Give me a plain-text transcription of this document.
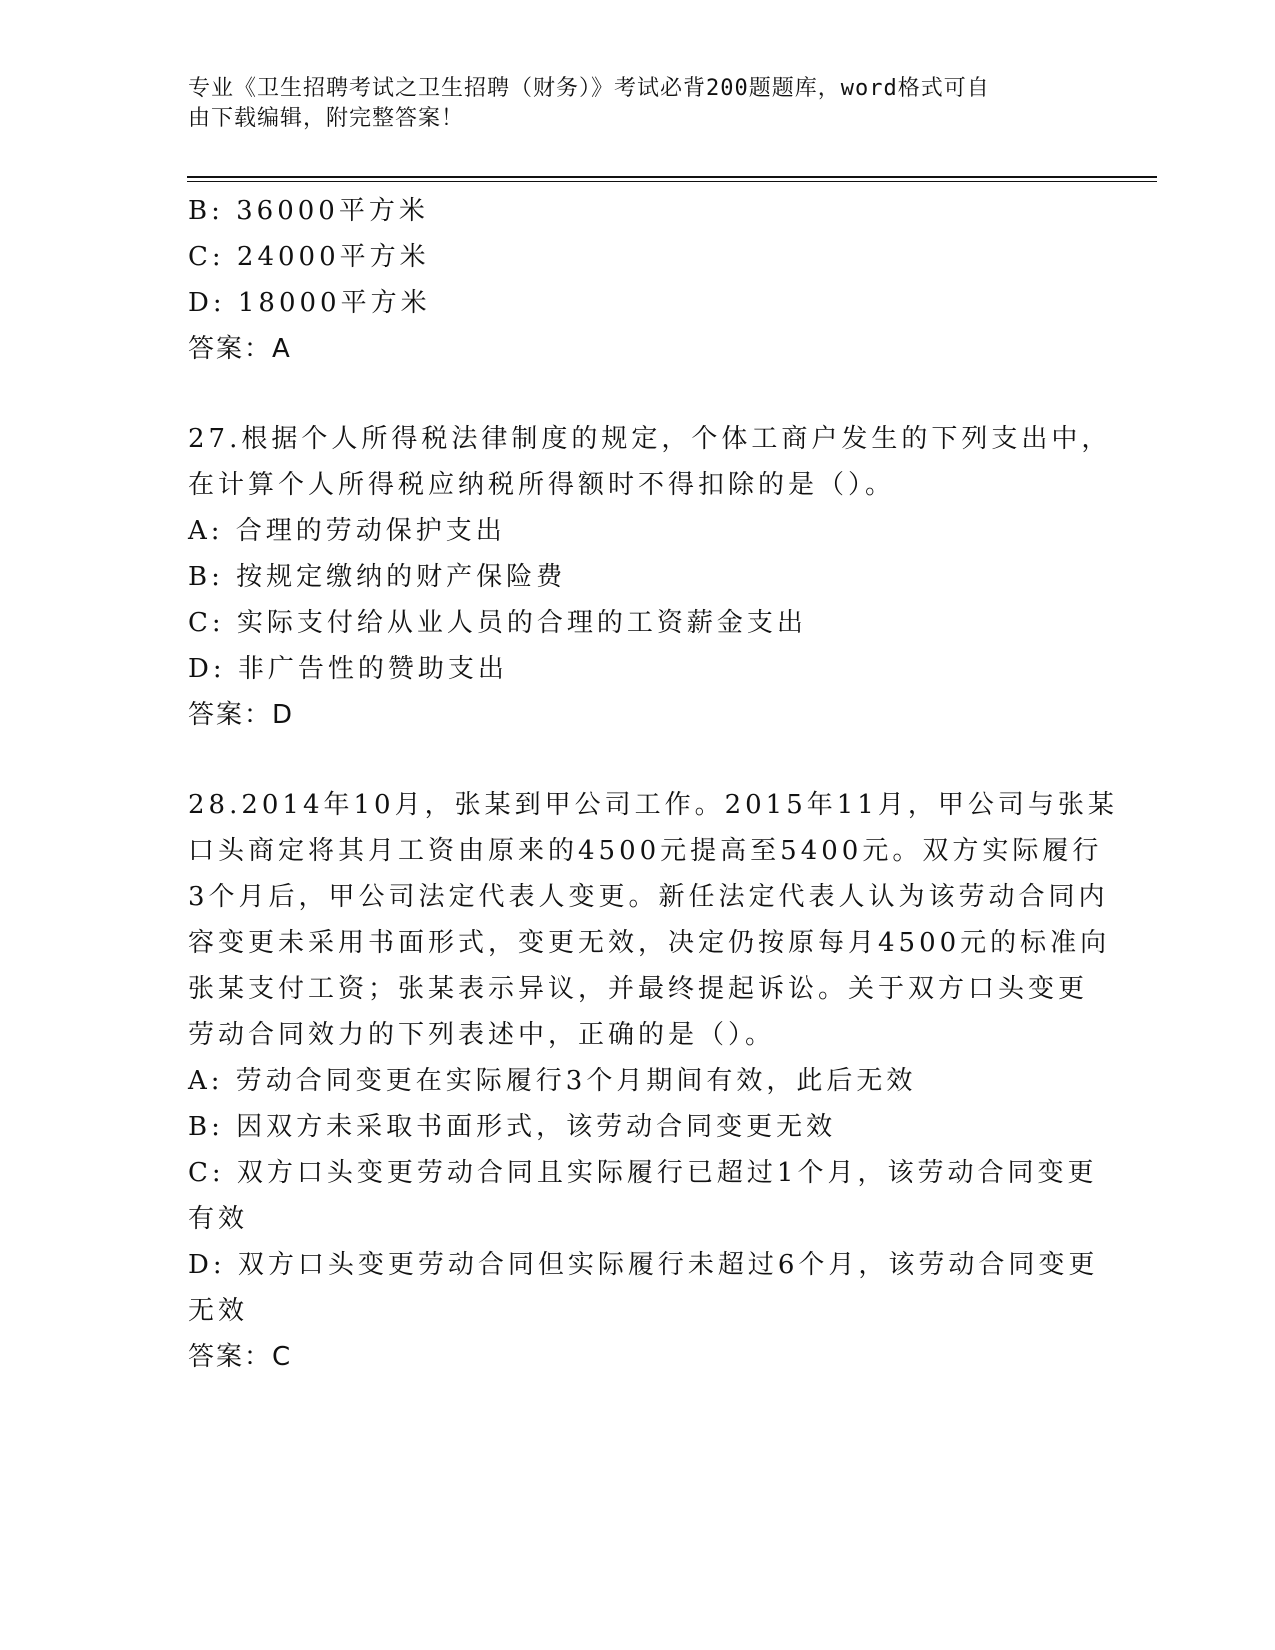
专业《卫生招聘考试之卫生招聘（财务）》考试必背200题题库，word格式可自
由下载编辑，附完整答案！
B: 36000平方米
C: 24000平方米
D: 18000平方米
答案：A
27.根据个人所得税法律制度的规定，个体工商户发生的下列支出中，
在计算个人所得税应纳税所得额时不得扣除的是（）。
A: 合理的劳动保护支出
B: 按规定缴纳的财产保险费
C: 实际支付给从业人员的合理的工资薪金支出
D: 非广告性的赞助支出
答案：D
28.2014年10月，张某到甲公司工作。2015年11月，甲公司与张某
口头商定将其月工资由原来的4500元提高至5400元。双方实际履行
3个月后，甲公司法定代表人变更。新任法定代表人认为该劳动合同内
容变更未采用书面形式，变更无效，决定仍按原每月4500元的标准向
张某支付工资；张某表示异议，并最终提起诉讼。关于双方口头变更
劳动合同效力的下列表述中，正确的是（）。
A: 劳动合同变更在实际履行3个月期间有效，此后无效
B: 因双方未采取书面形式，该劳动合同变更无效
C: 双方口头变更劳动合同且实际履行已超过1个月，该劳动合同变更
有效
D: 双方口头变更劳动合同但实际履行未超过6个月，该劳动合同变更
无效
答案：C
